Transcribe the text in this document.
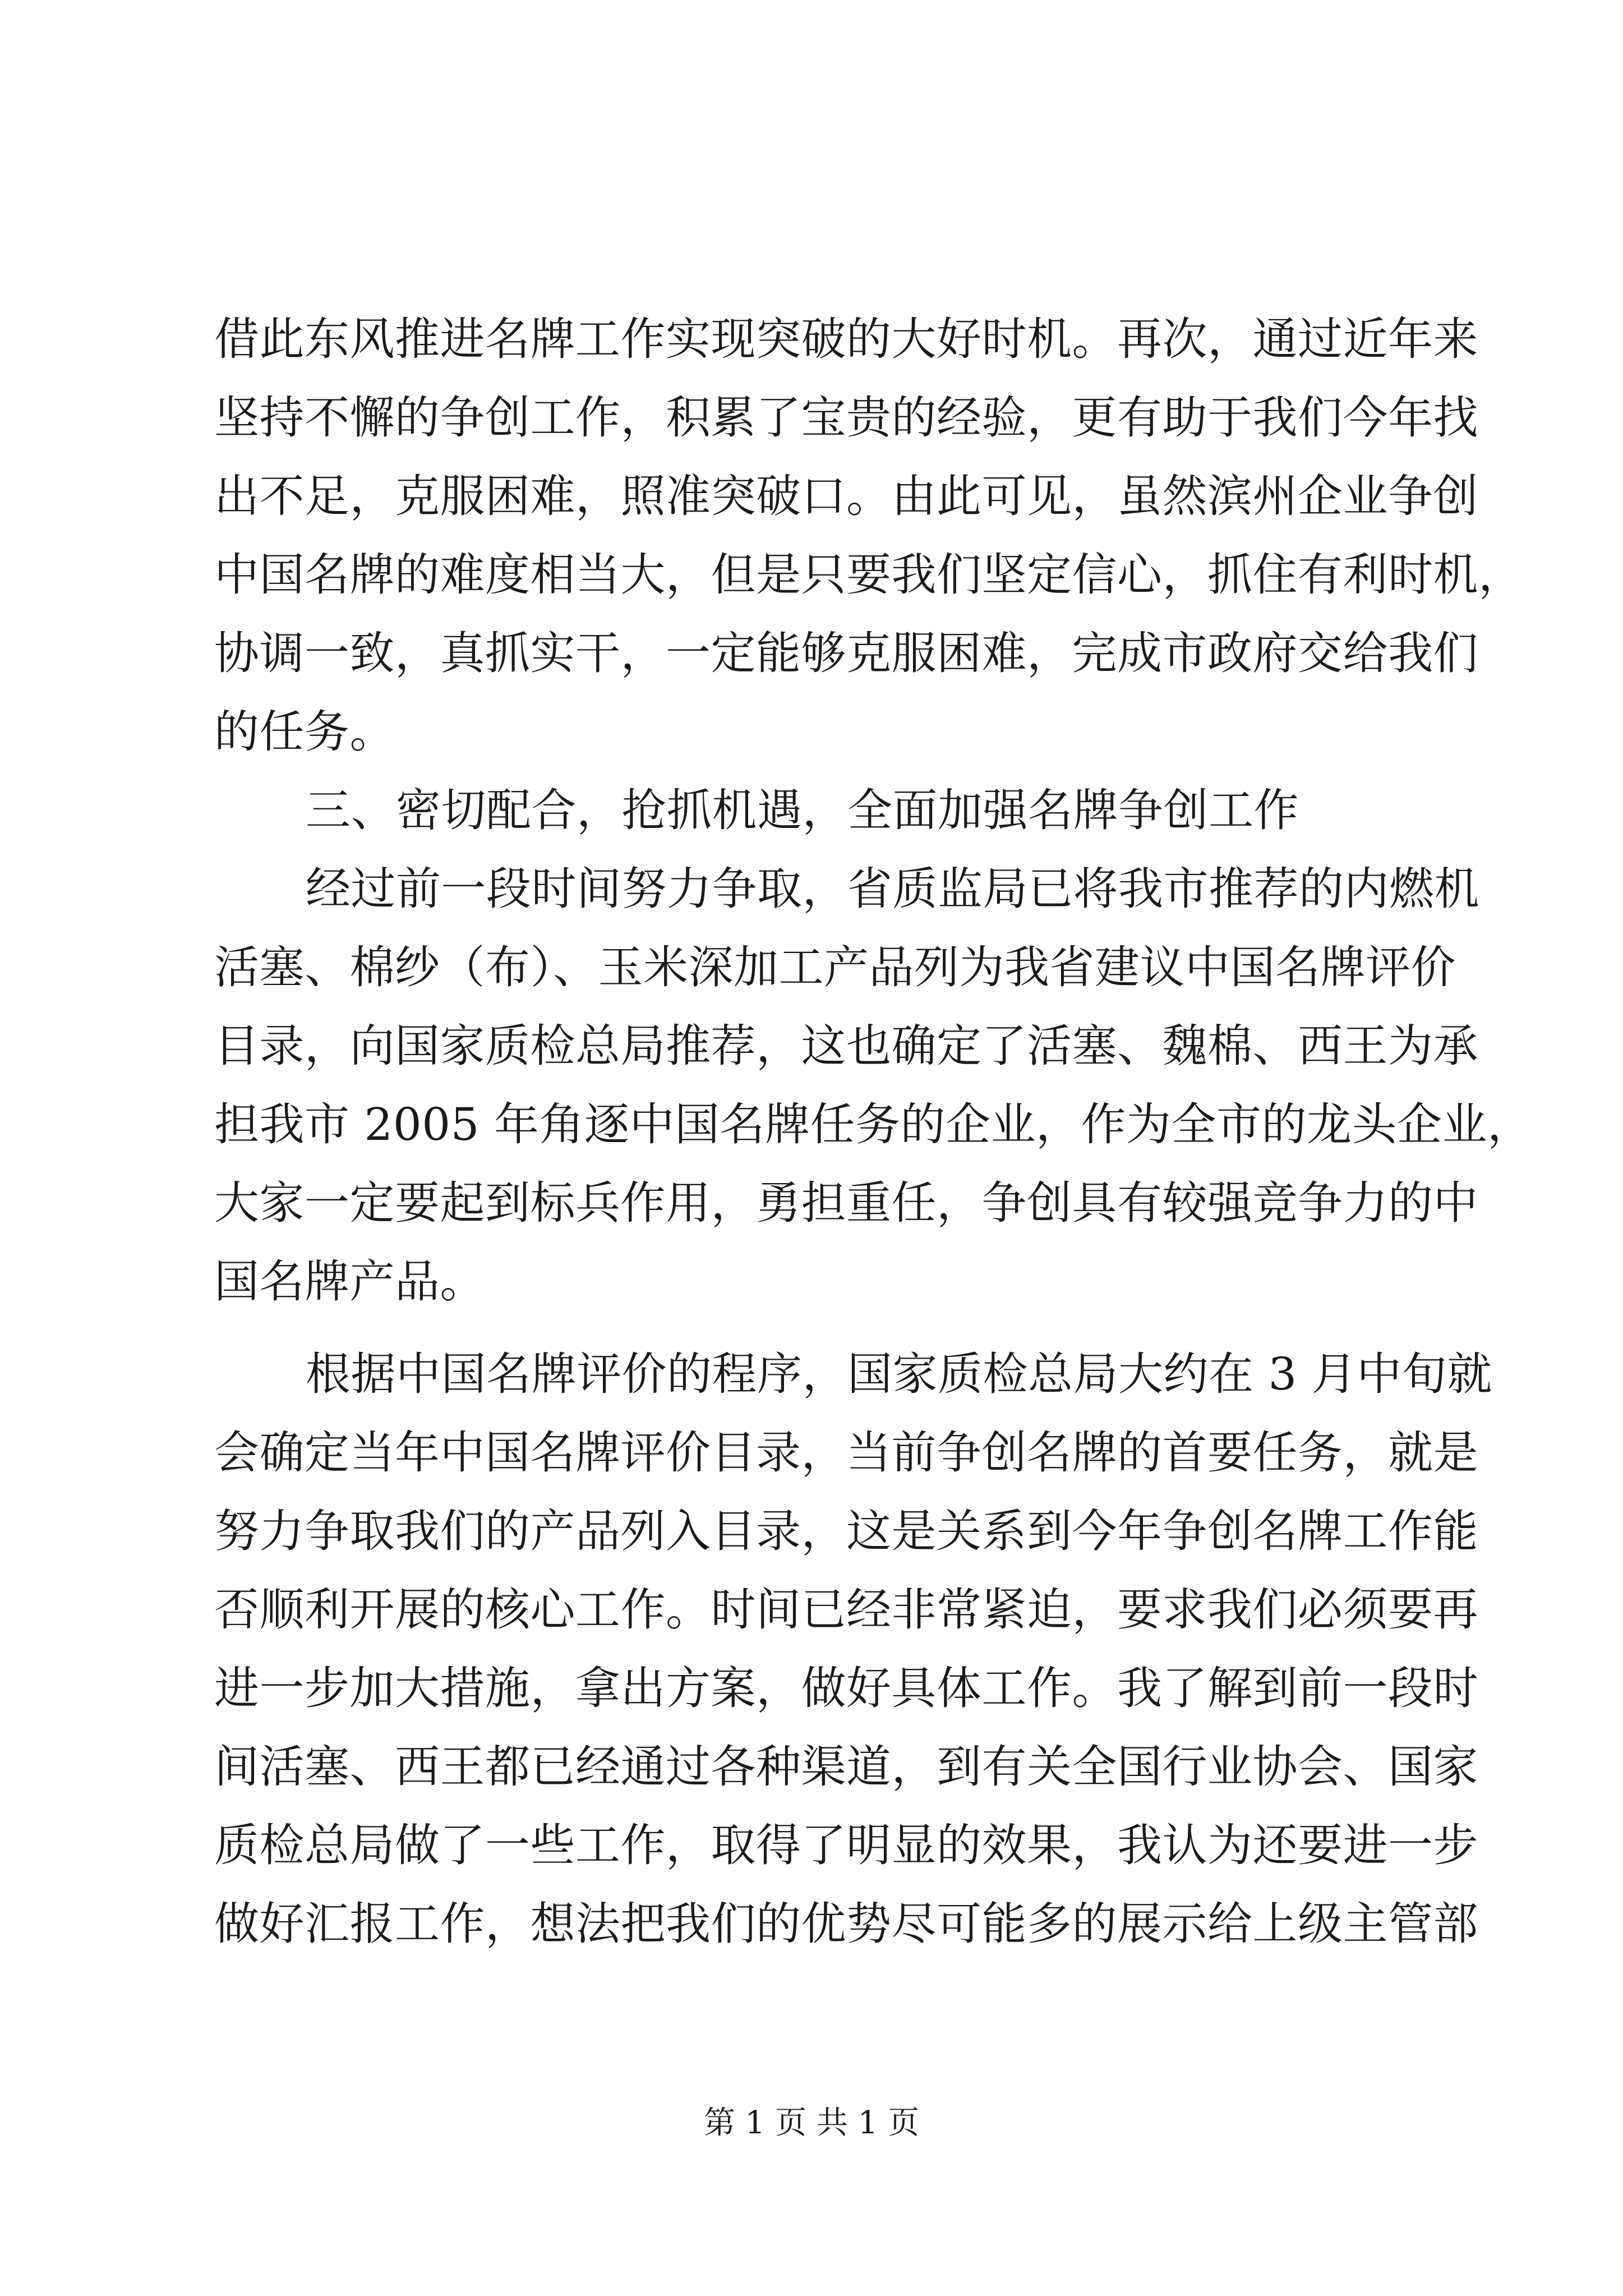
借此东风推进名牌工作实现突破的大好时机。再次，通过近年来
坚持不懈的争创工作，积累了宝贵的经验，更有助于我们今年找
出不足，克服困难，照准突破口。由此可见，虽然滨州企业争创
中国名牌的难度相当大，但是只要我们坚定信心，抓住有利时机，
协调一致，真抓实干，一定能够克服困难，完成市政府交给我们
的任务。
三、密切配合，抢抓机遇，全面加强名牌争创工作
经过前一段时间努力争取，省质监局已将我市推荐的内燃机
活塞、棉纱（布）、玉米深加工产品列为我省建议中国名牌评价
目录，向国家质检总局推荐，这也确定了活塞、魏棉、西王为承
担我市 2005 年角逐中国名牌任务的企业，作为全市的龙头企业，
大家一定要起到标兵作用，勇担重任，争创具有较强竞争力的中
国名牌产品。
根据中国名牌评价的程序，国家质检总局大约在 3 月中旬就
会确定当年中国名牌评价目录，当前争创名牌的首要任务，就是
努力争取我们的产品列入目录，这是关系到今年争创名牌工作能
否顺利开展的核心工作。时间已经非常紧迫，要求我们必须要再
进一步加大措施，拿出方案，做好具体工作。我了解到前一段时
间活塞、西王都已经通过各种渠道，到有关全国行业协会、国家
质检总局做了一些工作，取得了明显的效果，我认为还要进一步
做好汇报工作，想法把我们的优势尽可能多的展示给上级主管部
第 1 页 共 1 页
